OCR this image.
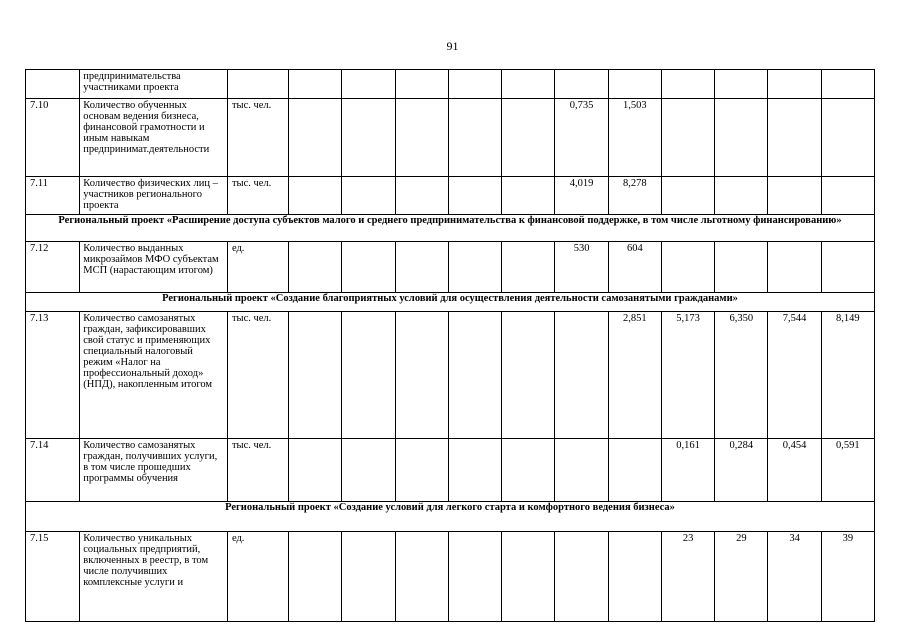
91
	предпринимательства участниками проекта												
7.10	Количество обученных основам ведения бизнеса, финансовой грамотности и иным навыкам предпринимат.деятельности	тыс. чел.						0,735	1,503				
7.11	Количество физических лиц – участников регионального проекта	тыс. чел.						4,019	8,278				
Региональный проект «Расширение доступа субъектов малого и среднего предпринимательства к финансовой поддержке, в том числе льготному финансированию»													
7.12	Количество выданных микрозаймов МФО субъектам МСП (нарастающим итогом)	ед.						530	604				
Региональный проект «Создание благоприятных условий для осуществления деятельности самозанятыми гражданами»													
7.13	Количество самозанятых граждан, зафиксировавших свой статус и применяющих специальный налоговый режим «Налог на профессиональный доход» (НПД), накопленным итогом	тыс. чел.							2,851	5,173	6,350	7,544	8,149
7.14	Количество самозанятых граждан, получивших услуги, в том числе прошедших программы обучения	тыс. чел.								0,161	0,284	0,454	0,591
Региональный проект «Создание условий для легкого старта и комфортного ведения бизнеса»													
7.15	Количество уникальных социальных предприятий, включенных в реестр, в том числе получивших комплексные услуги и	ед.								23	29	34	39
